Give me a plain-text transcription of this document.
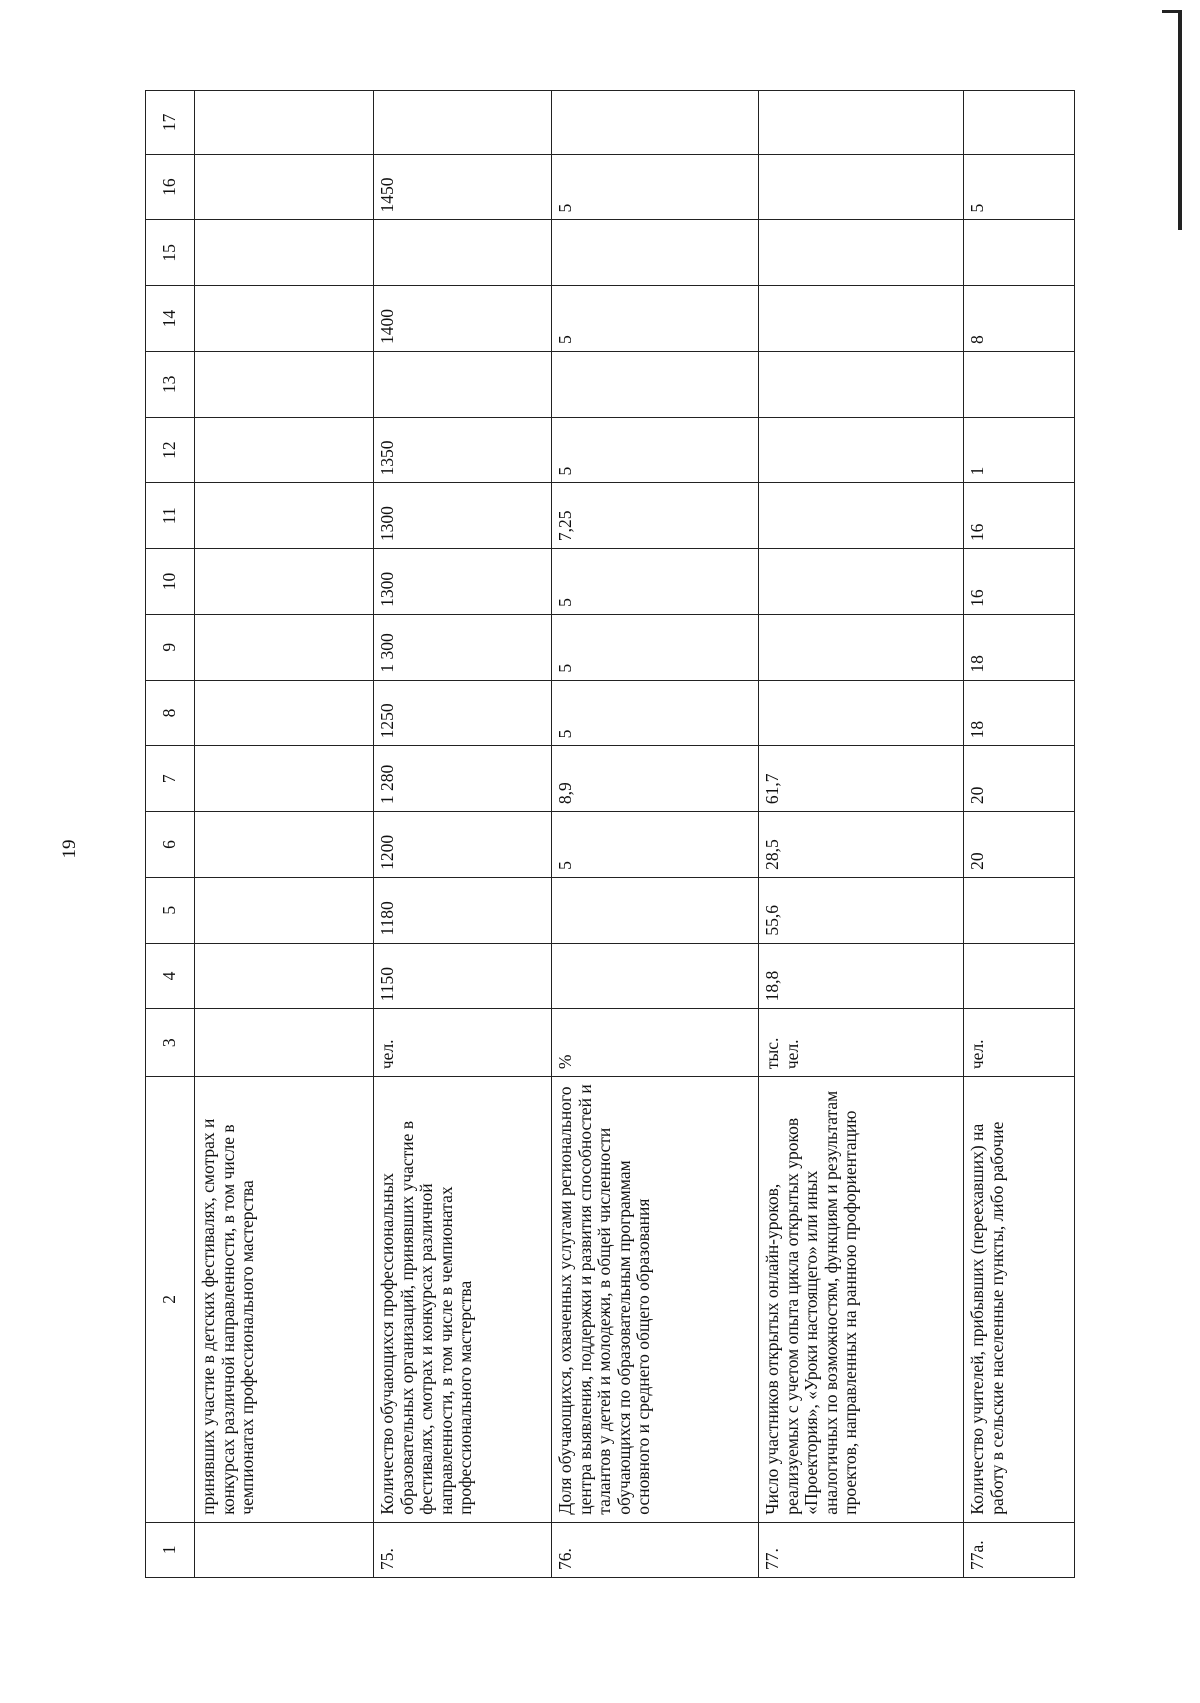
19
1	2	3	4	5	6	7	8	9	10	11	12	13	14	15	16	17
	принявших участие в детских фестивалях, смотрах и конкурсах различной направленности, в том числе в чемпионатах профессионального мастерства															
75.	Количество обучающихся профессиональных образовательных организаций, принявших участие в фестивалях, смотрах и конкурсах различной направленности, в том числе в чемпионатах профессионального мастерства	чел.	1150	1180	1200	1 280	1250	1 300	1300	1300	1350		1400		1450	
76.	Доля обучающихся, охваченных услугами регионального центра выявления, поддержки и развития способностей и талантов у детей и молодежи, в общей численности обучающихся по образовательным программам основного и среднего общего образования	%			5	8,9	5	5	5	7,25	5		5		5	
77.	Число участников открытых онлайн-уроков, реализуемых с учетом опыта цикла открытых уроков «Проектория», «Уроки настоящего» или иных аналогичных по возможностям, функциям и результатам проектов, направленных на раннюю профориентацию	тыс. чел.	18,8	55,6	28,5	61,7										
77а.	Количество учителей, прибывших (переехавших) на работу в сельские населенные пункты, либо рабочие	чел.			20	20	18	18	16	16	1		8		5	
